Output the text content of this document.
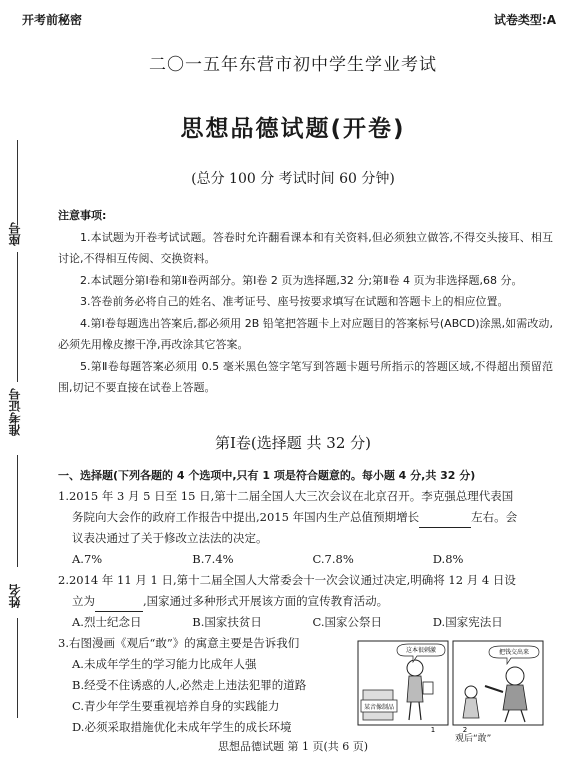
开考前秘密	试卷类型:A
二〇一五年东营市初中学生学业考试
思想品德试题(开卷)
(总分 100 分 考试时间 60 分钟)
座号
准考证号
姓名

注意事项:

1.本试题为开卷考试试题。答卷时允许翻看课本和有关资料,但必须独立做答,不得交头接耳、相互讨论,不得相互传阅、交换资料。

2.本试题分第Ⅰ卷和第Ⅱ卷两部分。第Ⅰ卷 2 页为选择题,32 分;第Ⅱ卷 4 页为非选择题,68 分。

3.答卷前务必将自己的姓名、准考证号、座号按要求填写在试题和答题卡上的相应位置。

4.第Ⅰ卷每题选出答案后,都必须用 2B 铅笔把答题卡上对应题目的答案标号(ABCD)涂黑,如需改动,必须先用橡皮擦干净,再改涂其它答案。

5.第Ⅱ卷每题答案必须用 0.5 毫米黑色签字笔写到答题卡题号所指示的答题区域,不得超出预留范围,切记不要直接在试卷上答题。

第Ⅰ卷(选择题 共 32 分)

一、选择题(下列各题的 4 个选项中,只有 1 项是符合题意的。每小题 4 分,共 32 分)

1.2015 年 3 月 5 日至 15 日,第十二届全国人大三次会议在北京召开。李克强总理代表国

务院向大会作的政府工作报告中提出,2015 年国内生产总值预期增长	左右。会

议表决通过了关于修改立法法的决定。

A.7%	B.7.4%	C.7.8%	D.8%

2.2014 年 11 月 1 日,第十二届全国人大常委会十一次会议通过决定,明确将 12 月 4 日设

立为	,国家通过多种形式开展该方面的宣传教育活动。

A.烈士纪念日	B.国家扶贫日	C.国家公祭日	D.国家宪法日

3.右图漫画《观后“敢”》的寓意主要是告诉我们

A.未成年学生的学习能力比成年人强

B.经受不住诱惑的人,必然走上违法犯罪的道路

C.青少年学生要重视培养自身的实践能力

D.必须采取措施优化未成年学生的成长环境

某音像制品
这本很刺激
1
把钱交出来
2
观后“敢”
思想品德试题 第 1 页(共 6 页)
